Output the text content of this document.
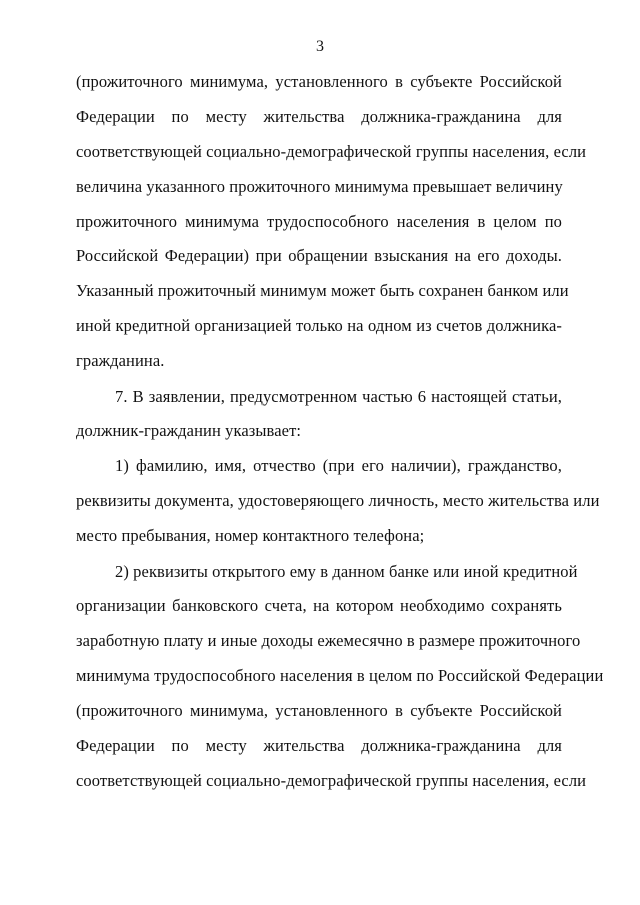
3
(прожиточного минимума, установленного в субъекте Российской
Федерации по месту жительства должника-гражданина для
соответствующей социально-демографической группы населения, если
величина указанного прожиточного минимума превышает величину
прожиточного минимума трудоспособного населения в целом по
Российской Федерации) при обращении взыскания на его доходы.
Указанный прожиточный минимум может быть сохранен банком или
иной кредитной организацией только на одном из счетов должника-
гражданина.
7. В заявлении, предусмотренном частью 6 настоящей статьи,
должник-гражданин указывает:
1) фамилию, имя, отчество (при его наличии), гражданство,
реквизиты документа, удостоверяющего личность, место жительства или
место пребывания, номер контактного телефона;
2) реквизиты открытого ему в данном банке или иной кредитной
организации банковского счета, на котором необходимо сохранять
заработную плату и иные доходы ежемесячно в размере прожиточного
минимума трудоспособного населения в целом по Российской Федерации
(прожиточного минимума, установленного в субъекте Российской
Федерации по месту жительства должника-гражданина для
соответствующей социально-демографической группы населения, если
